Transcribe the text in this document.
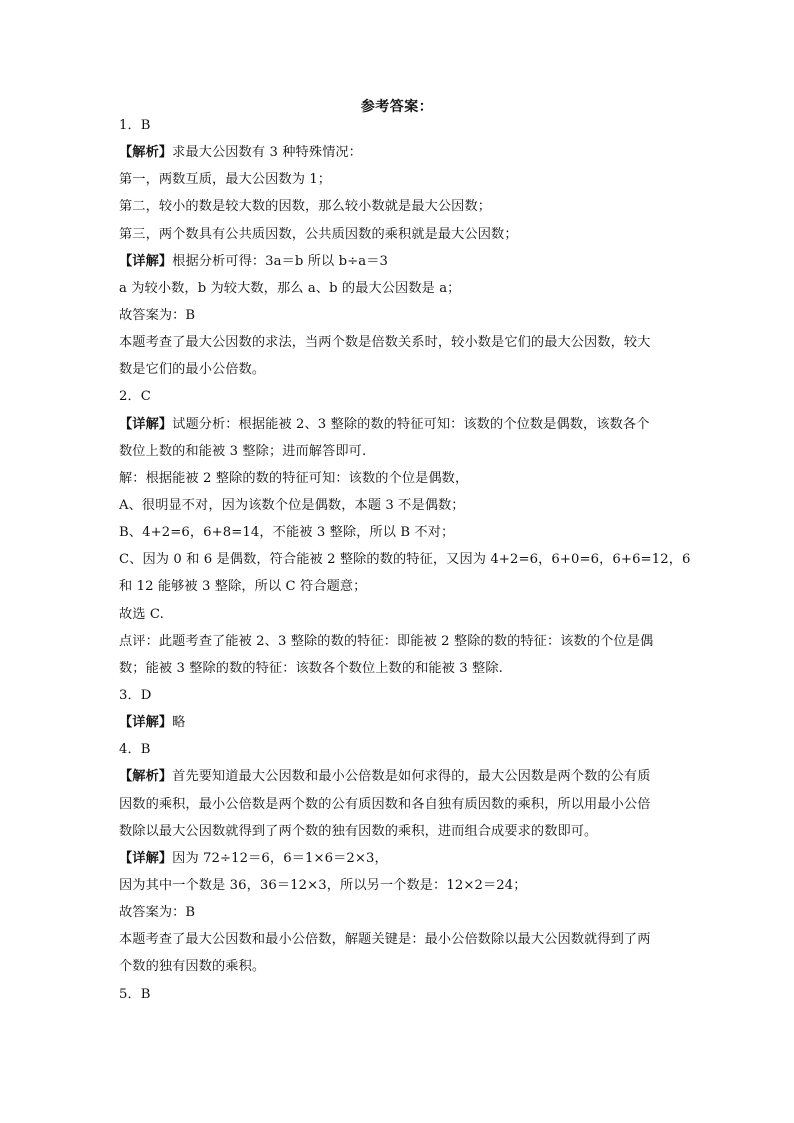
参考答案：
1．B
【解析】求最大公因数有 3 种特殊情况：
第一，两数互质，最大公因数为 1；
第二，较小的数是较大数的因数，那么较小数就是最大公因数；
第三，两个数具有公共质因数，公共质因数的乘积就是最大公因数；
【详解】根据分析可得：3a＝b 所以 b÷a＝3
a 为较小数，b 为较大数，那么 a、b 的最大公因数是 a；
故答案为：B
本题考查了最大公因数的求法，当两个数是倍数关系时，较小数是它们的最大公因数，较大
数是它们的最小公倍数。
2．C
【详解】试题分析：根据能被 2、3 整除的数的特征可知：该数的个位数是偶数，该数各个
数位上数的和能被 3 整除；进而解答即可.
解：根据能被 2 整除的数的特征可知：该数的个位是偶数，
A、很明显不对，因为该数个位是偶数，本题 3 不是偶数；
B、4+2=6，6+8=14，不能被 3 整除，所以 B 不对；
C、因为 0 和 6 是偶数，符合能被 2 整除的数的特征，又因为 4+2=6，6+0=6，6+6=12，6
和 12 能够被 3 整除，所以 C 符合题意；
故选 C.
点评：此题考查了能被 2、3 整除的数的特征：即能被 2 整除的数的特征：该数的个位是偶
数；能被 3 整除的数的特征：该数各个数位上数的和能被 3 整除.
3．D
【详解】略
4．B
【解析】首先要知道最大公因数和最小公倍数是如何求得的，最大公因数是两个数的公有质
因数的乘积，最小公倍数是两个数的公有质因数和各自独有质因数的乘积，所以用最小公倍
数除以最大公因数就得到了两个数的独有因数的乘积，进而组合成要求的数即可。
【详解】因为 72÷12＝6，6＝1×6＝2×3，
因为其中一个数是 36，36＝12×3，所以另一个数是：12×2＝24；
故答案为：B
本题考查了最大公因数和最小公倍数，解题关键是：最小公倍数除以最大公因数就得到了两
个数的独有因数的乘积。
5．B
